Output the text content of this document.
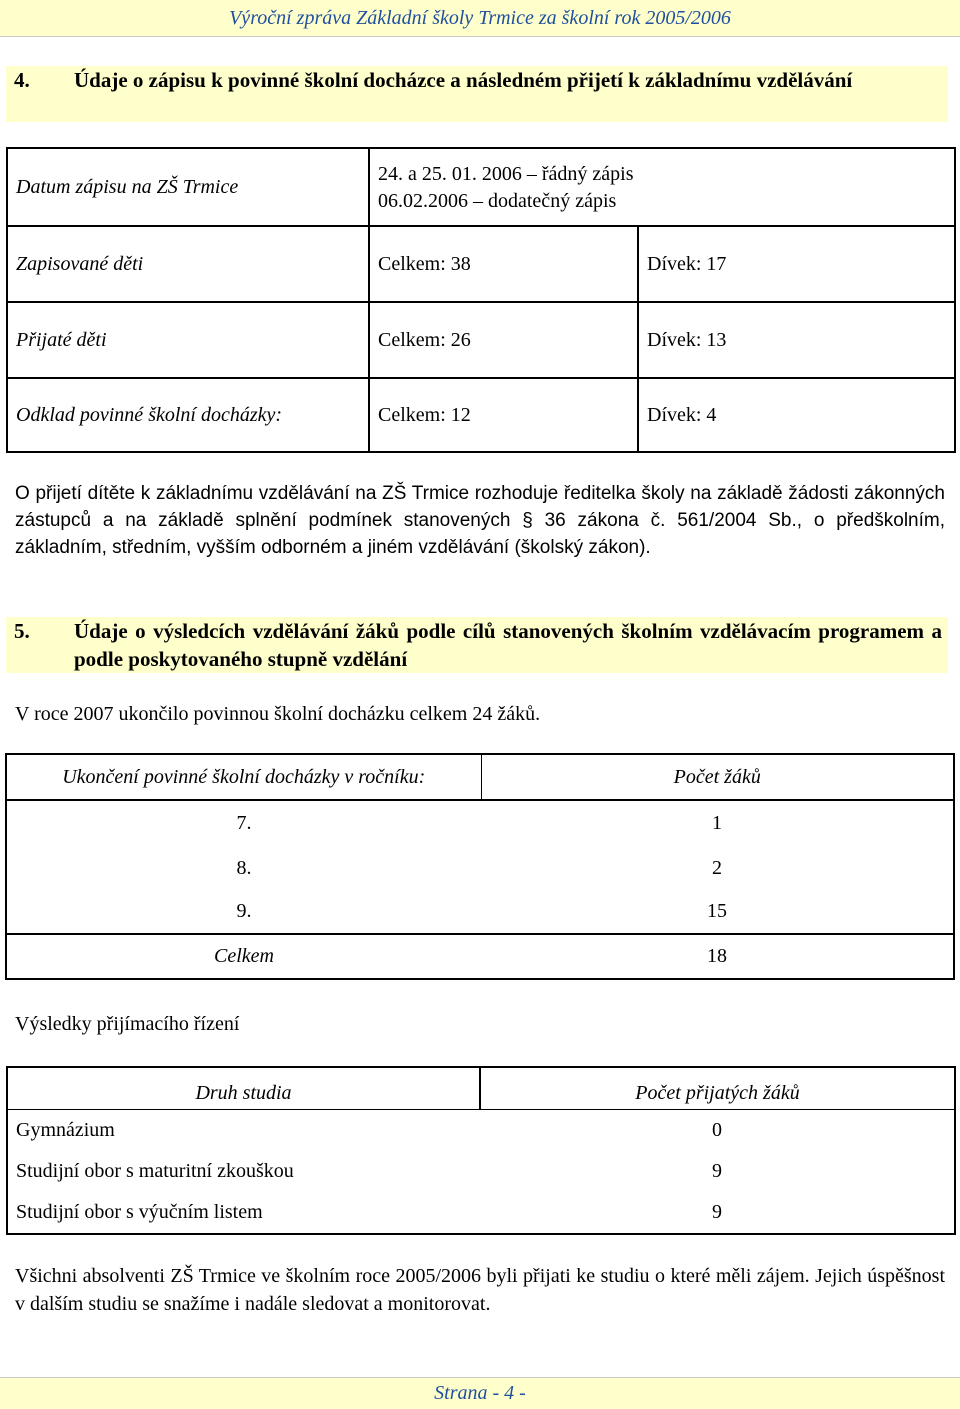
Výroční zpráva Základní školy Trmice za školní rok 2005/2006
4. Údaje o zápisu k povinné školní docházce a následném přijetí k základnímu vzdělávání
Datum zápisu na ZŠ Trmice	24. a 25. 01. 2006 – řádný zápis
06.02.2006 – dodatečný zápis	

Zapisované děti	Celkem: 38	Dívek: 17
Přijaté děti	Celkem: 26	Dívek: 13
Odklad povinné školní docházky:	Celkem: 12	Dívek: 4
O přijetí dítěte k základnímu vzdělávání na ZŠ Trmice rozhoduje ředitelka školy na základě žádosti zákonných zástupců a na základě splnění podmínek stanovených § 36 zákona č. 561/2004 Sb., o předškolním, základním, středním, vyšším odborném a jiném vzdělávání (školský zákon).
5. Údaje o výsledcích vzdělávání žáků podle cílů stanovených školním vzdělávacím programem a podle poskytovaného stupně vzdělání
V roce 2007 ukončilo povinnou školní docházku celkem 24 žáků.
Ukončení povinné školní docházky v ročníku:	Počet žáků
7.	1
8.	2
9.	15
Celkem	18
Výsledky přijímacího řízení
Druh studia	Počet přijatých žáků
Gymnázium	0
Studijní obor s maturitní zkouškou	9
Studijní obor s výučním listem	9
Všichni absolventi ZŠ Trmice ve školním roce 2005/2006 byli přijati ke studiu o které měli zájem. Jejich úspěšnost v dalším studiu se snažíme i nadále sledovat a monitorovat.
Strana - 4 -
